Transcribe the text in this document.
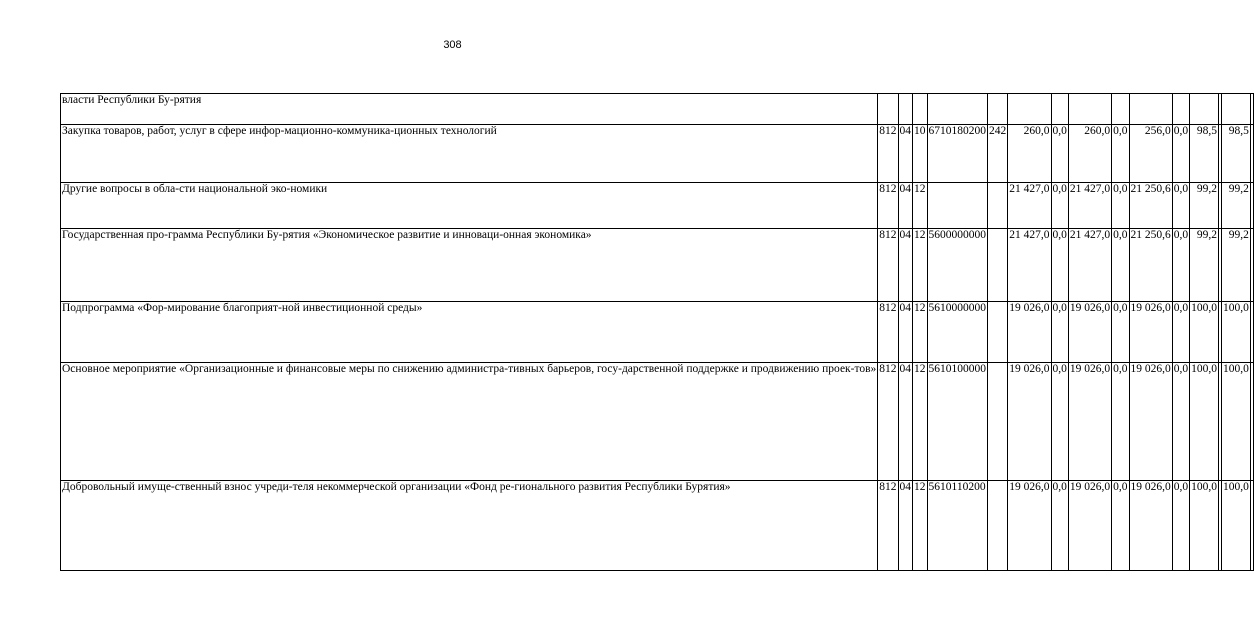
308
власти Республики Бу-рятия															
Закупка товаров, работ, услуг в сфере инфор-мационно-коммуника-ционных технологий	812	04	10	6710180200	242	260,0	0,0	260,0	0,0	256,0	0,0	98,5		98,5	
Другие вопросы в обла-сти национальной эко-номики	812	04	12			21 427,0	0,0	21 427,0	0,0	21 250,6	0,0	99,2		99,2	
Государственная про-грамма Республики Бу-рятия «Экономическое развитие и инноваци-онная экономика»	812	04	12	5600000000		21 427,0	0,0	21 427,0	0,0	21 250,6	0,0	99,2		99,2	
Подпрограмма «Фор-мирование благоприят-ной инвестиционной среды»	812	04	12	5610000000		19 026,0	0,0	19 026,0	0,0	19 026,0	0,0	100,0		100,0	
Основное мероприятие «Организационные и финансовые меры по снижению администра-тивных барьеров, госу-дарственной поддержке и продвижению проек-тов»	812	04	12	5610100000		19 026,0	0,0	19 026,0	0,0	19 026,0	0,0	100,0		100,0	
Добровольный имуще-ственный взнос учреди-теля некоммерческой организации «Фонд ре-гионального развития Республики Бурятия»	812	04	12	5610110200		19 026,0	0,0	19 026,0	0,0	19 026,0	0,0	100,0		100,0	
